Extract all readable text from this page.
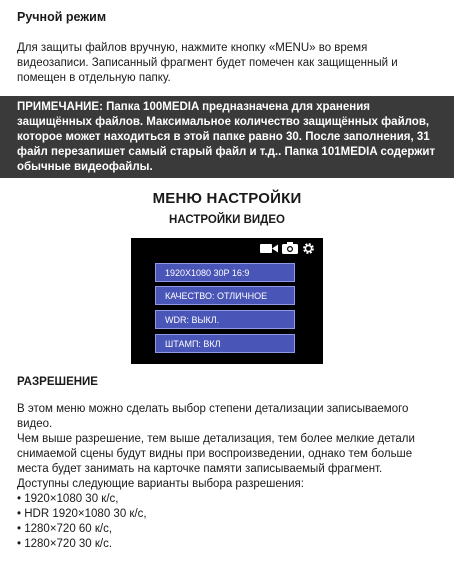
Ручной режим
Для защиты файлов вручную, нажмите кнопку «MENU» во время видеозаписи. Записанный фрагмент будет помечен как защищенный и помещен в отдельную папку.
ПРИМЕЧАНИЕ: Папка 100MEDIA предназначена для хранения защищённых файлов. Максимальное количество защищённых файлов, которое может находиться в этой папке равно 30. После заполнения, 31 файл перезапишет самый старый файл и т.д.. Папка 101MEDIA содержит обычные видеофайлы.
МЕНЮ НАСТРОЙКИ
НАСТРОЙКИ ВИДЕО
1920X1080 30P 16:9
КАЧЕСТВО: ОТЛИЧНОЕ
WDR: ВЫКЛ.
ШТАМП: ВКЛ
РАЗРЕШЕНИЕ
В этом меню можно сделать выбор степени детализации записываемого видео.
Чем выше разрешение, тем выше детализация, тем более мелкие детали снимаемой сцены будут видны при воспроизведении, однако тем больше места будет занимать на карточке памяти записываемый фрагмент.
Доступны следующие варианты выбора разрешения:
• 1920×1080 30 к/с,
• HDR 1920×1080 30 к/с,
• 1280×720 60 к/с,
• 1280×720 30 к/с.
